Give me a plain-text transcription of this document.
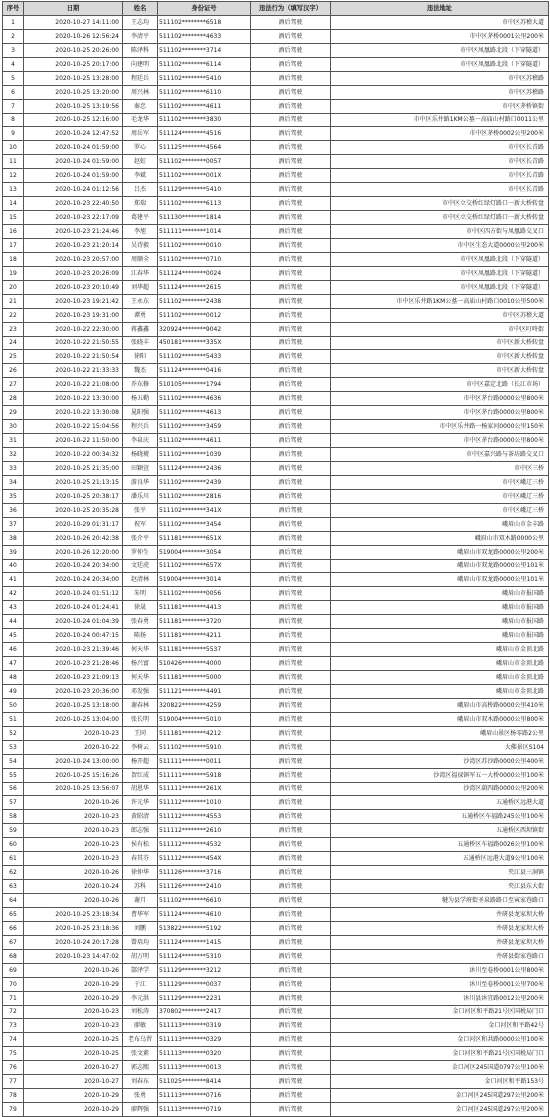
序号	日期	姓名	身份证号	违法行为（填写汉字）	违法地址
1	2020-10-27 14:11:00	王志均	511102********6518	酒后驾驶	市中区苏稽大道
2	2020-10-26 12:56:24	李清平	511102********4633	酒后驾驶	市中区茅桥0001公里200米
3	2020-10-25 20:26:00	陈泽科	511102********3714	酒后驾驶	市中区凤凰路北段（下穿隧道）
4	2020-10-25 20:17:00	向建明	511102********6114	酒后驾驶	市中区凤凰路北段（下穿隧道）
5	2020-10-25 13:28:00	程廷兵	511102********5410	酒后驾驶	市中区苏稽路
6	2020-10-25 13:20:00	周兴林	511102********6110	酒后驾驶	市中区苏稽路
7	2020-10-25 13:19:56	秦忠	511102********4611	酒后驾驶	市中区茅桥镇街
8	2020-10-25 12:16:00	毛龙华	511102********3830	酒后驾驶	市中区乐井路1KM公墓一高庙山村路口0011公里
9	2020-10-24 12:47:52	周岳军	511124********4516	酒后驾驶	市中区茅桥0002公里200米
10	2020-10-24 01:59:00	罗心	511125********4564	酒后驾驶	市中区长青路
11	2020-10-24 01:59:00	赵虹	511102********0057	酒后驾驶	市中区长青路
12	2020-10-24 01:59:00	李斌	511102********001X	酒后驾驶	市中区长青路
13	2020-10-24 01:12:56	吕杰	511129********5410	酒后驾驶	市中区长青路
14	2020-10-23 22:40:50	郑瑞	511102********6113	酒后驾驶	市中区立交桥红绿灯路口一新大桥转盘
15	2020-10-23 22:17:09	葛建平	511130********1814	酒后驾驶	市中区立交桥红绿灯路口一新大桥转盘
16	2020-10-23 21:24:46	李旭	511111********1014	酒后驾驶	市中区四方街与凤凰路交叉口
17	2020-10-23 21:20:14	吴诗毅	511102********0010	酒后驾驶	市中区生态大道0000公里200米
18	2020-10-23 20:57:00	周顺全	511102********0710	酒后驾驶	市中区凤凰路北段（下穿隧道）
19	2020-10-23 20:26:09	江春华	511124********0024	酒后驾驶	市中区凤凰路北段（下穿隧道）
20	2020-10-23 20:10:49	刘华超	511124********2615	酒后驾驶	市中区凤凰路北段（下穿隧道）
21	2020-10-23 19:21:42	王永东	511102********2438	酒后驾驶	市中区乐井路1KM公墓一高庙山村路口0010公里500米
22	2020-10-23 19:31:00	谭勇	511102********0012	酒后驾驶	市中区苏稽大道
23	2020-10-22 22:30:00	蒋鑫鑫	320924********9042	酒后驾驶	市中区叮咚街
24	2020-10-22 21:50:55	张晓丰	450181********335X	酒后驾驶	市中区新大桥转盘
25	2020-10-22 21:50:54	徐阳	511102********5433	酒后驾驶	市中区新大桥转盘
26	2020-10-22 21:33:33	魏杰	511124********0416	酒后驾驶	市中区新大桥转盘
27	2020-10-22 21:08:00	乔东修	510105********1794	酒后驾驶	市中区嘉定北路（长江市场）
28	2020-10-22 13:30:00	杨五勤	511102********4636	酒后驾驶	市中区茅台路0000公里800米
29	2020-10-22 13:30:08	晁阳强	511102********4613	酒后驾驶	市中区茅台路0000公里800米
30	2020-10-22 15:04:56	程兴兵	511102********3459	酒后驾驶	市中区乐井路一杨家河0000公里150米
31	2020-10-22 11:50:00	李泉庆	511102********4611	酒后驾驶	市中区茅台路0000公里800米
32	2020-10-22 00:34:32	杨晓琥	511102********1039	酒后驾驶	市中区嘉兴路与茶坊路交叉口
33	2020-10-25 21:35:00	田颖萱	511124********2436	酒后驾驶	市中区三桥
34	2020-10-25 21:13:15	游良华	511102********2439	酒后驾驶	市中区峨辽三桥
35	2020-10-25 20:38:17	潘乐川	511102********2816	酒后驾驶	市中区峨辽三桥
36	2020-10-25 20:35:28	张平	511102********341X	酒后驾驶	市中区峨辽三桥
37	2020-10-29 01:31:17	祝军	511102********3454	酒后驾驶	峨眉山市金丰路
38	2020-10-26 20:42:38	张介平	511181********651X	酒后驾驶	峨眉山市双木路0000公里
39	2020-10-26 12:20:00	罗仲生	519004********3054	酒后驾驶	峨眉山市双龙路0000公里200米
40	2020-10-24 20:34:00	文廷虎	511102********657X	酒后驾驶	峨眉山市双龙路0000公里101米
41	2020-10-24 20:34:00	赵清林	519004********3014	酒后驾驶	峨眉山市双龙路0000公里101米
42	2020-10-24 01:51:12	朱明	511102********0056	酒后驾驶	峨眉山市报国路
43	2020-10-24 01:24:41	徐晟	511181********4413	酒后驾驶	峨眉山市报国路
44	2020-10-24 01:04:39	张春勇	511181********3720	酒后驾驶	峨眉山市报国路
45	2020-10-24 00:47:15	陈扬	511181********4211	酒后驾驶	峨眉山市报国路
46	2020-10-23 21:39:46	何天华	511181********5537	酒后驾驶	峨眉山市金顶北路
47	2020-10-23 21:28:46	杨兴富	510426********4000	酒后驾驶	峨眉山市金顶北路
48	2020-10-23 21:09:13	何天华	511181********5000	酒后驾驶	峨眉山市金顶北路
49	2020-10-23 20:36:00	邓发强	511121********4491	酒后驾驶	峨眉山市金顶北路
50	2020-10-25 13:18:00	谢春林	320822********4259	酒后驾驶	峨眉山市高桥路0000公里410米
51	2020-10-25 13:04:00	张长明	519004********5010	酒后驾驶	峨眉山市双木路0000公里800米
52	2020-10-23	王同	511181********4212	酒后驾驶	峨眉山景区杨零路2公里
53	2020-10-22	李树云	511102********5910	酒后驾驶	大佛景区S104
54	2020-10-24 13:00:00	杨开超	511111********0011	酒后驾驶	沙湾区苏沙路0000公里400米
55	2020-10-25 15:16:26	贺红成	511111********5918	酒后驾驶	沙湾区福禄镇军五一大桥0000公里100米
56	2020-10-25 13:56:07	胡恩华	511111********261X	酒后驾驶	沙湾区葫四路0000公里200米
57	2020-10-26	许元华	511112********1010	酒后驾驶	五通桥区远港大道
58	2020-10-23	黄昭清	511112********4553	酒后驾驶	五通桥区车福路245公里100米
59	2020-10-23	郎志强	511112********2610	酒后驾驶	五通桥区西坝镇街
60	2020-10-23	侯有松	511112********4532	酒后驾驶	五通桥区车福路0026公里100米
61	2020-10-23	春其芬	511112********454X	酒后驾驶	五通桥区远港大道9公里100米
62	2020-10-26	徐仲华	511126********3716	酒后驾驶	夹江县三洞镇
63	2020-10-24	苏科	511126********2410	酒后驾驶	夹江县东大街
64	2020-10-26	谢月	511102********6610	酒后驾驶	犍为县学府街圣泉路路口至寅家巷路口
65	2020-10-25 23:18:34	曹华军	511124********4610	酒后驾驶	井研县龙家坝大桥
66	2020-10-25 23:18:36	刘鹏	513822********5192	酒后驾驶	井研县龙家坝大桥
67	2020-10-24 20:17:28	曾培均	511124********1415	酒后驾驶	井研县龙家坝大桥
68	2020-10-23 14:47:02	胡万明	511124********5310	酒后驾驶	井研县街家巷路口
69	2020-10-26	郜泽学	511129********3212	酒后驾驶	沐川至卷桥0001公里800米
70	2020-10-29	于江	511129********0037	酒后驾驶	沐川至卷桥0001公里700米
71	2020-10-29	李元洪	511129********2231	酒后驾驶	沐川县沐宜路0012公里200米
72	2020-10-23	刘松涛	370802********2417	酒后驾驶	金口河区和平路21号区国税局门口
73	2020-10-23	廖敏	511113********0319	酒后驾驶	金口河区和平路42号
74	2020-10-25	老布乌習	511113********0329	酒后驾驶	金口河区和共路0000公里100米
75	2020-10-25	张文素	511113********0320	酒后驾驶	金口河区和平路21号区国税局门口
76	2020-10-27	郭志熙	511113********0013	酒后驾驶	金口河区245国道0797公里100米
77	2020-10-27	刘春东	511025********8414	酒后驾驶	金口河区和平路153号
78	2020-10-29	张勇	511113********0716	酒后驾驶	金口河区245国道297公里200米
79	2020-10-29	廖辉强	511113********0719	酒后驾驶	金口河区245国道297公里200米
